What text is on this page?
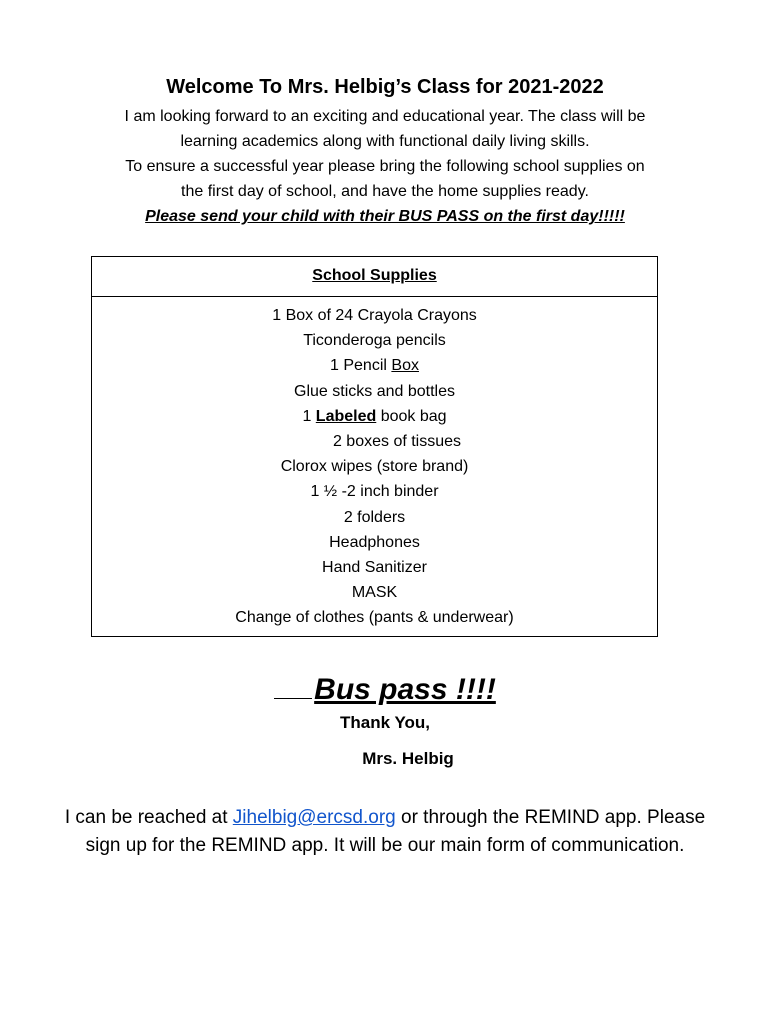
Welcome To Mrs. Helbig’s Class for 2021-2022
I am looking forward to an exciting and educational year. The class will be
learning academics along with functional daily living skills.
To ensure a successful year please bring the following school supplies on
the first day of school, and have the home supplies ready.
Please send your child with their BUS PASS on the first day!!!!!
School Supplies
1 Box of 24 Crayola Crayons
Ticonderoga pencils
1 Pencil Box
Glue sticks and bottles
1 Labeled book bag
2 boxes of tissues
Clorox wipes (store brand)
1 ½ -2 inch binder
2 folders
Headphones
Hand Sanitizer
MASK
Change of clothes (pants & underwear)
Bus pass !!!!
Thank You,
Mrs. Helbig
I can be reached at Jihelbig@ercsd.org or through the REMIND app. Please sign up for the REMIND app. It will be our main form of communication.
